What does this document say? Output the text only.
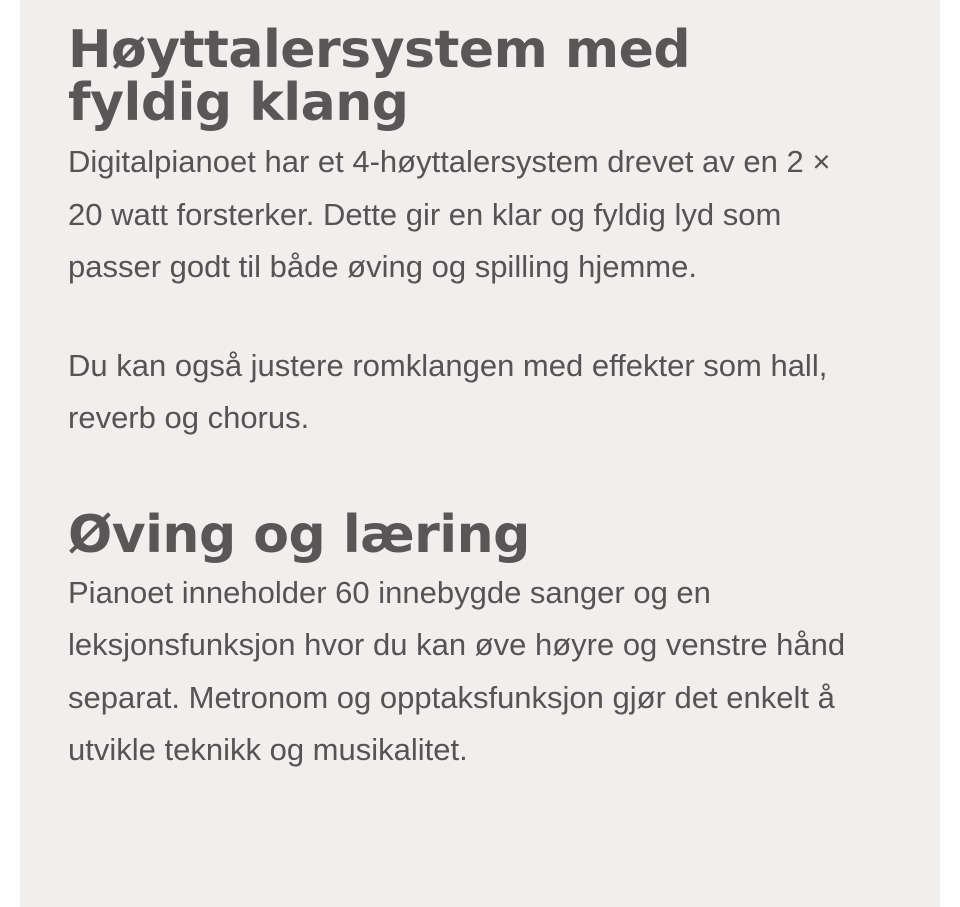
Høyttalersystem med fyldig klang

Digitalpianoet har et 4-høyttalersystem drevet av en 2 × 20 watt forsterker. Dette gir en klar og fyldig lyd som passer godt til både øving og spilling hjemme.

Du kan også justere romklangen med effekter som hall, reverb og chorus.

Øving og læring

Pianoet inneholder 60 innebygde sanger og en leksjonsfunksjon hvor du kan øve høyre og venstre hånd separat. Metronom og opptaksfunksjon gjør det enkelt å utvikle teknikk og musikalitet.
